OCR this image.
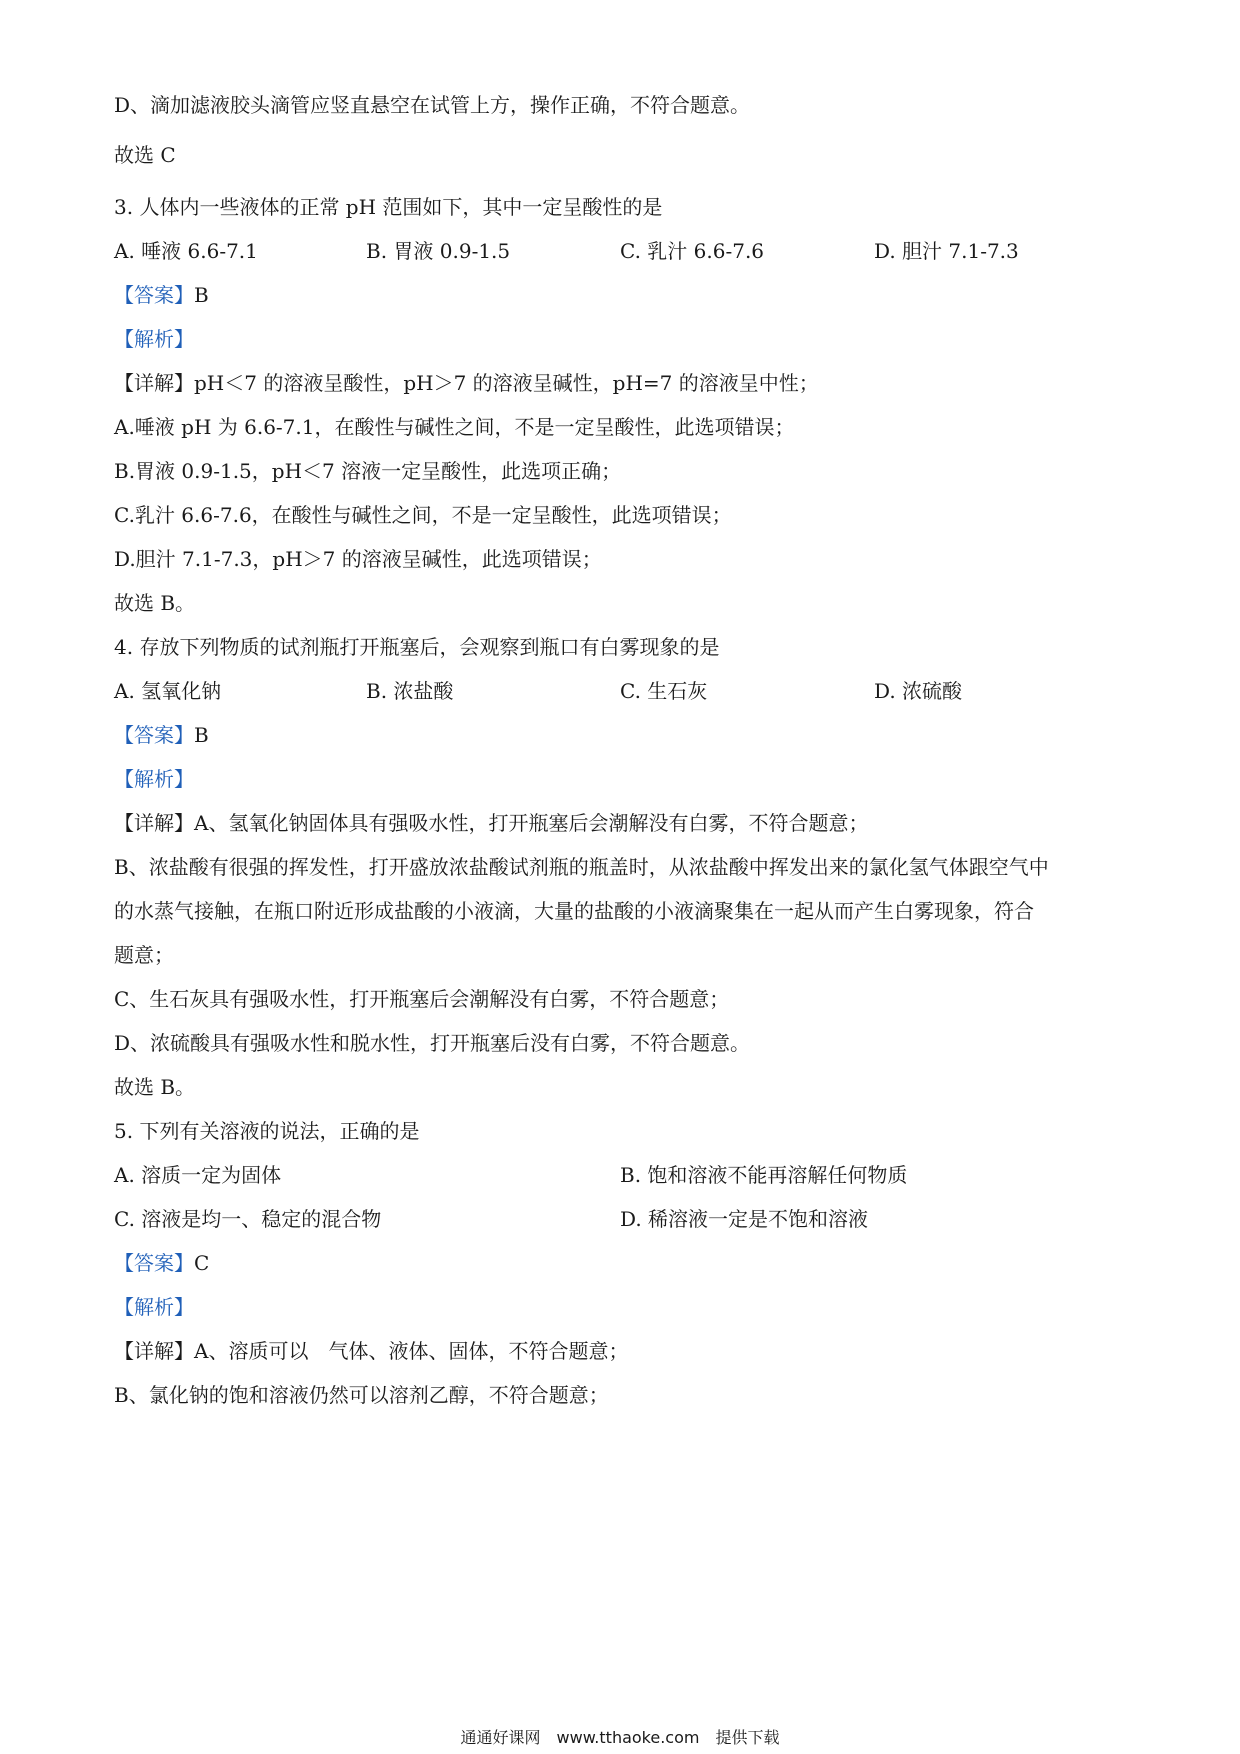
D、滴加滤液胶头滴管应竖直悬空在试管上方，操作正确，不符合题意。
故选 C
3. 人体内一些液体的正常 pH 范围如下，其中一定呈酸性的是
A. 唾液 6.6-7.1	B. 胃液 0.9-1.5	C. 乳汁 6.6-7.6	D. 胆汁 7.1-7.3
【答案】B
【解析】
【详解】pH＜7 的溶液呈酸性，pH＞7 的溶液呈碱性，pH=7 的溶液呈中性；
A.唾液 pH 为 6.6-7.1，在酸性与碱性之间，不是一定呈酸性，此选项错误；
B.胃液 0.9-1.5，pH＜7 溶液一定呈酸性，此选项正确；
C.乳汁 6.6-7.6，在酸性与碱性之间，不是一定呈酸性，此选项错误；
D.胆汁 7.1-7.3，pH＞7 的溶液呈碱性，此选项错误；
故选 B。
4. 存放下列物质的试剂瓶打开瓶塞后，会观察到瓶口有白雾现象的是
A. 氢氧化钠	B. 浓盐酸	C. 生石灰	D. 浓硫酸
【答案】B
【解析】
【详解】A、氢氧化钠固体具有强吸水性，打开瓶塞后会潮解没有白雾，不符合题意；
B、浓盐酸有很强的挥发性，打开盛放浓盐酸试剂瓶的瓶盖时，从浓盐酸中挥发出来的氯化氢气体跟空气中
的水蒸气接触，在瓶口附近形成盐酸的小液滴，大量的盐酸的小液滴聚集在一起从而产生白雾现象，符合
题意；
C、生石灰具有强吸水性，打开瓶塞后会潮解没有白雾，不符合题意；
D、浓硫酸具有强吸水性和脱水性，打开瓶塞后没有白雾，不符合题意。
故选 B。
5. 下列有关溶液的说法，正确的是
A. 溶质一定为固体	B. 饱和溶液不能再溶解任何物质
C. 溶液是均一、稳定的混合物	D. 稀溶液一定是不饱和溶液
【答案】C
【解析】
【详解】A、溶质可以　气体、液体、固体，不符合题意；
B、氯化钠的饱和溶液仍然可以溶剂乙醇，不符合题意；
通通好课网　www.tthaoke.com　提供下载
